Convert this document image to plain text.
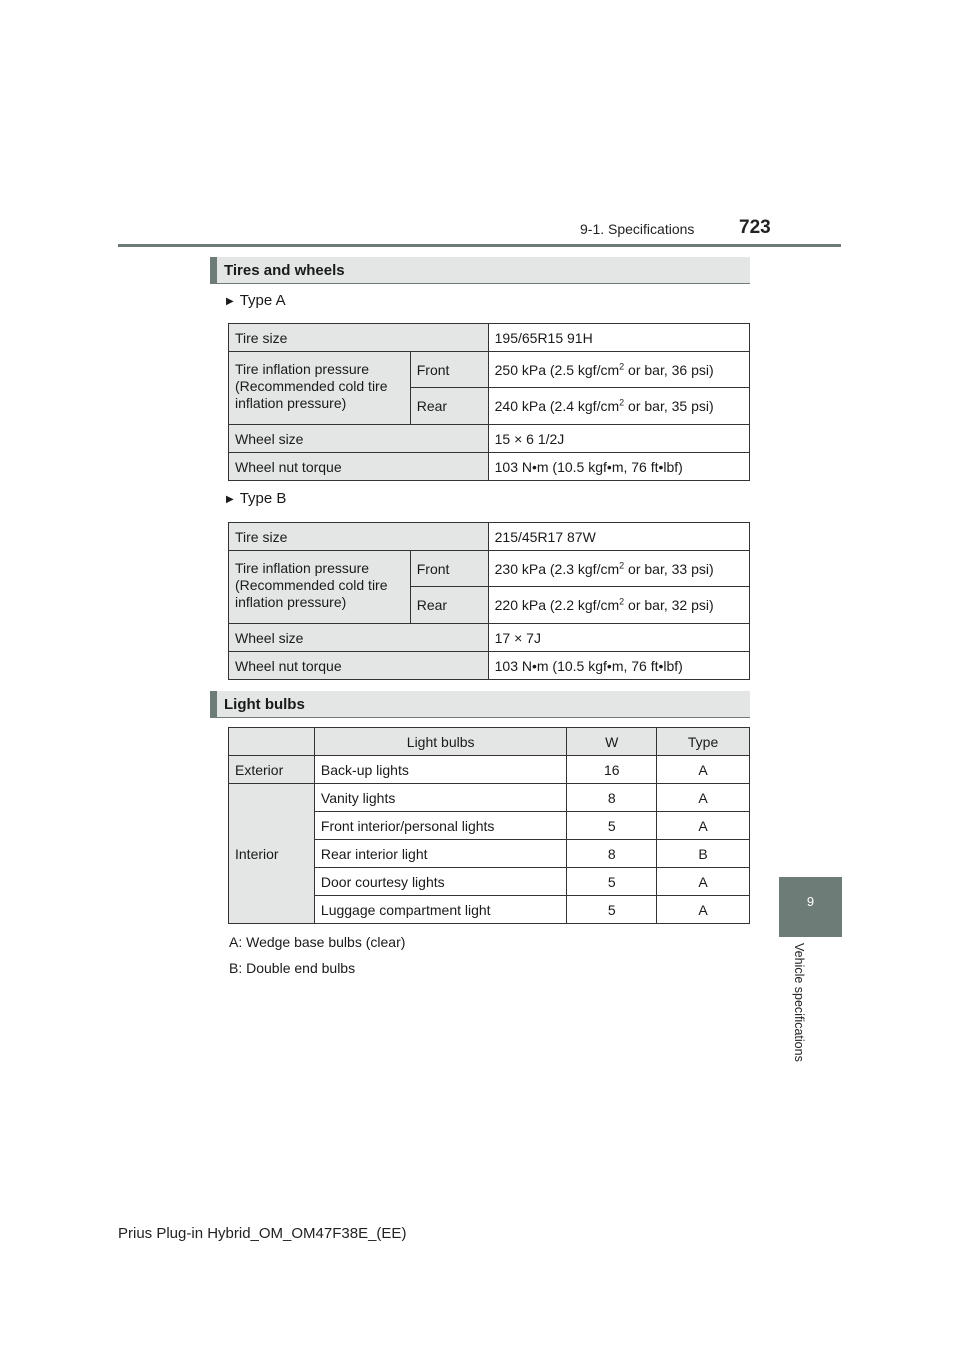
9-1. Specifications 723
9
Vehicle specifications
Tires and wheels
▶ Type A
Tire size		195/65R15 91H
Tire inflation pressure (Recommended cold tire inflation pressure)	Front	250 kPa (2.5 kgf/$cm^2$ or bar, 36 psi)
	Rear	240 kPa (2.4 kgf/$cm^2$ or bar, 35 psi)
Wheel size		15 × 6 1/2J
Wheel nut torque		103 N•m (10.5 kgf•m, 76 ft•lbf)
▶ Type B
Tire size		215/45R17 87W
Tire inflation pressure (Recommended cold tire inflation pressure)	Front	230 kPa (2.3 kgf/$cm^2$ or bar, 33 psi)
	Rear	220 kPa (2.2 kgf/$cm^2$ or bar, 32 psi)
Wheel size		17 × 7J
Wheel nut torque		103 N•m (10.5 kgf•m, 76 ft•lbf)
Light bulbs
	Light bulbs	W	Type
Exterior	Back-up lights	16	A
Interior	Vanity lights	8	A
	Front interior/personal lights	5	A
	Rear interior light	8	B
	Door courtesy lights	5	A
	Luggage compartment light	5	A
A: Wedge base bulbs (clear)
B: Double end bulbs
Prius Plug-in Hybrid_OM_OM47F38E_(EE)
